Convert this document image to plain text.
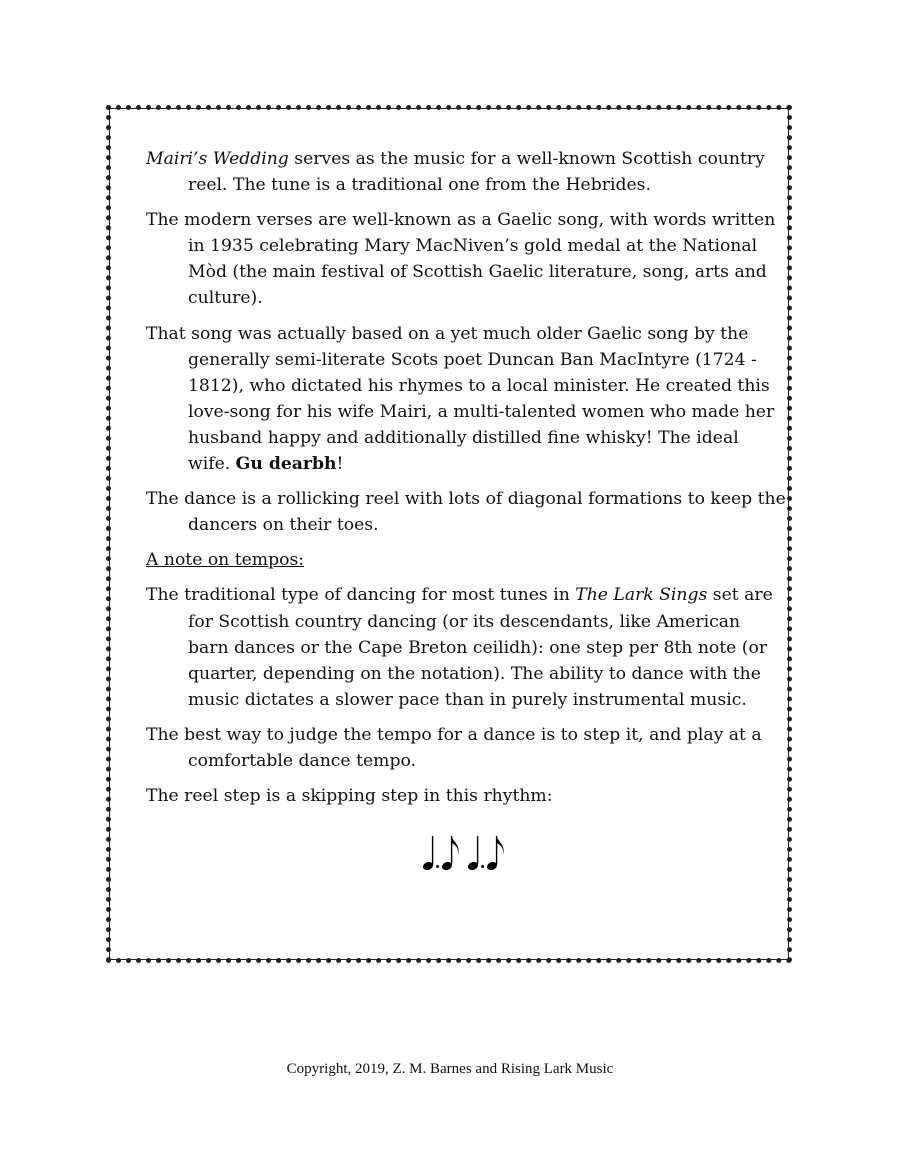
Mairi’s Wedding serves as the music for a well-known Scottish country reel. The tune is a traditional one from the Hebrides.

The modern verses are well-known as a Gaelic song, with words written in 1935 celebrating Mary MacNiven’s gold medal at the National Mòd (the main festival of Scottish Gaelic literature, song, arts and culture).

That song was actually based on a yet much older Gaelic song by the generally semi-literate Scots poet Duncan Ban MacIntyre (1724 - 1812), who dictated his rhymes to a local minister. He created this love-song for his wife Mairi, a multi-talented women who made her husband happy and additionally distilled fine whisky! The ideal wife. Gu dearbh!

The dance is a rollicking reel with lots of diagonal formations to keep the dancers on their toes.

A note on tempos:

The traditional type of dancing for most tunes in The Lark Sings set are for Scottish country dancing (or its descendants, like American barn dances or the Cape Breton ceilidh): one step per 8th note (or quarter, depending on the notation). The ability to dance with the music dictates a slower pace than in purely instrumental music.

The best way to judge the tempo for a dance is to step it, and play at a comfortable dance tempo.

The reel step is a skipping step in this rhythm:

Copyright, 2019, Z. M. Barnes and Rising Lark Music
